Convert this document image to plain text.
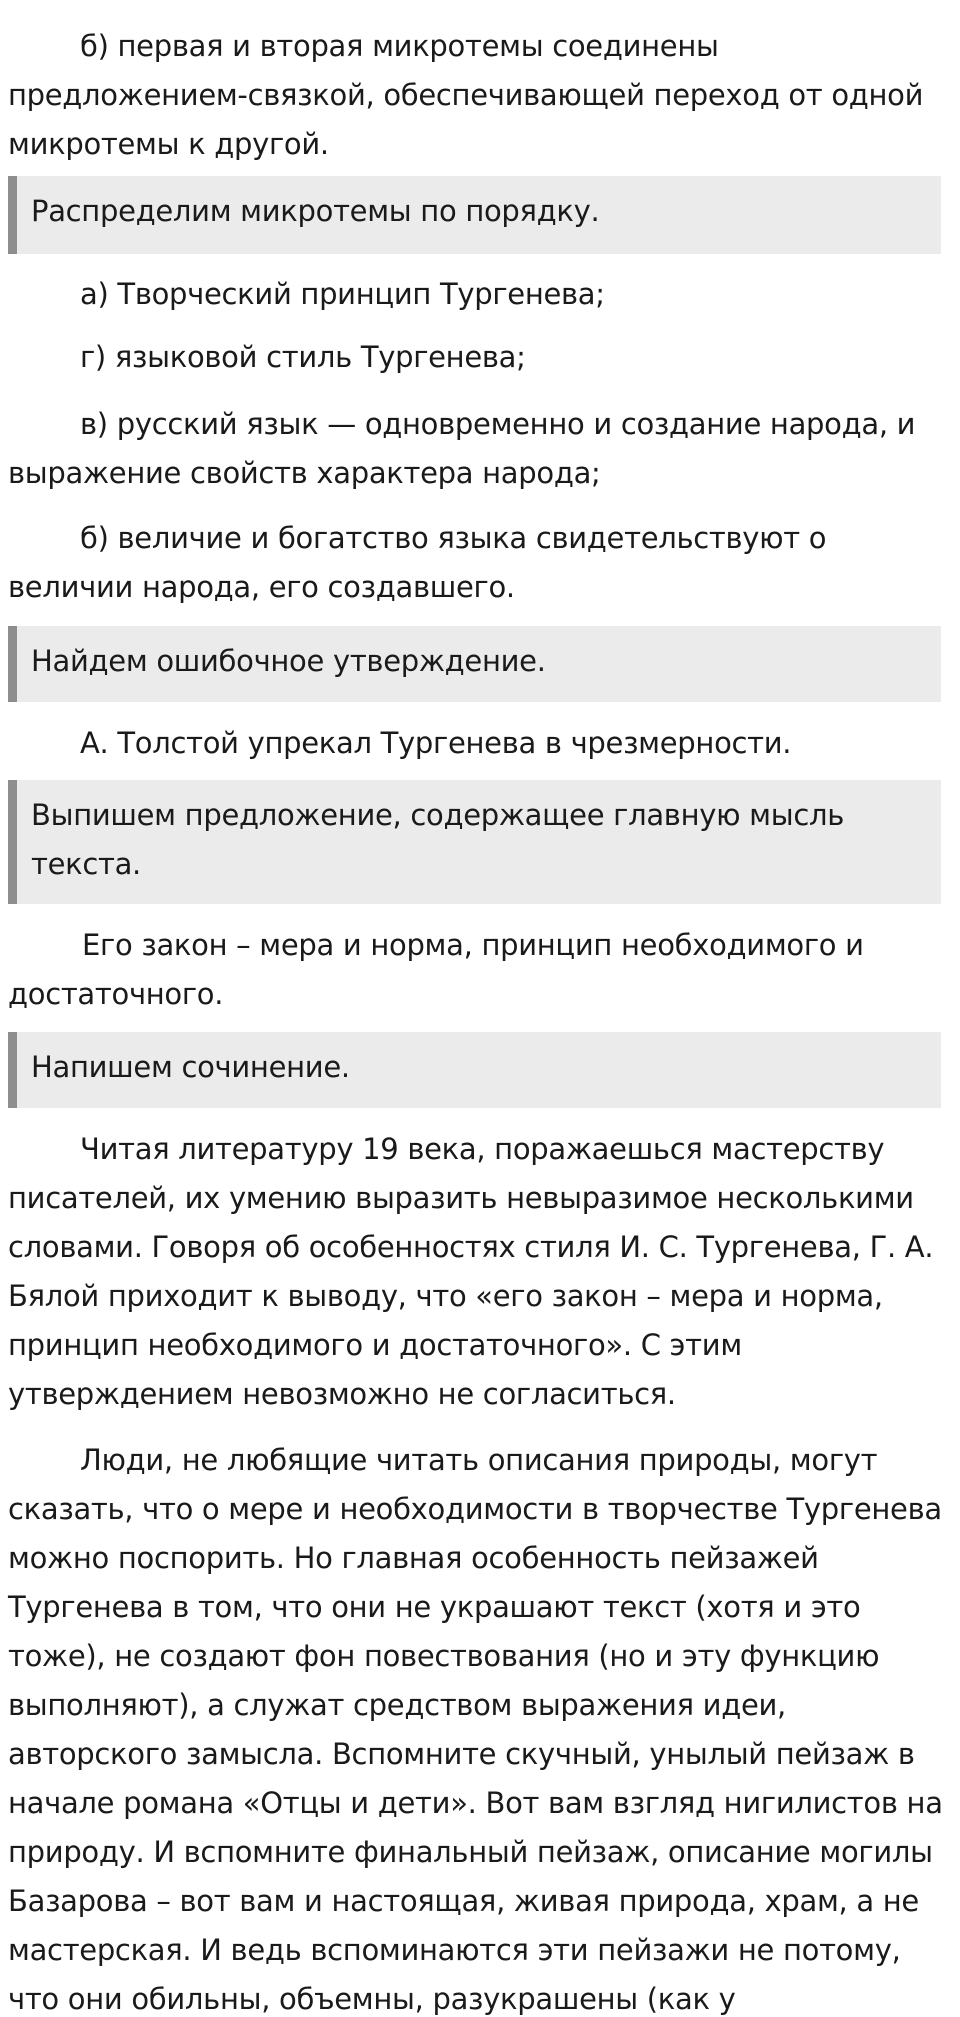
б) первая и вторая микротемы соединены предложением-связкой, обеспечивающей переход от одной микротемы к другой.

Распределим микротемы по порядку.

а) Творческий принцип Тургенева;

г) языковой стиль Тургенева;

в) русский язык — одновременно и создание народа, и выражение свойств характера народа;

б) величие и богатство языка свидетельствуют о величии народа, его создавшего.

Найдем ошибочное утверждение.

А. Толстой упрекал Тургенева в чрезмерности.

Выпишем предложение, содержащее главную мысль текста.

Его закон – мера и норма, принцип необходимого и достаточного.

Напишем сочинение.

Читая литературу 19 века, поражаешься мастерству писателей, их умению выразить невыразимое несколькими словами. Говоря об особенностях стиля И. С. Тургенева, Г. А. Бялой приходит к выводу, что «его закон – мера и норма, принцип необходимого и достаточного». С этим утверждением невозможно не согласиться.

Люди, не любящие читать описания природы, могут сказать, что о мере и необходимости в творчестве Тургенева можно поспорить. Но главная особенность пейзажей Тургенева в том, что они не украшают текст (хотя и это тоже), не создают фон повествования (но и эту функцию выполняют), а служат средством выражения идеи, авторского замысла. Вспомните скучный, унылый пейзаж в начале романа «Отцы и дети». Вот вам взгляд нигилистов на природу. И вспомните финальный пейзаж, описание могилы Базарова – вот вам и настоящая, живая природа, храм, а не мастерская. И ведь вспоминаются эти пейзажи не потому, что они обильны, объемны, разукрашены (как у
